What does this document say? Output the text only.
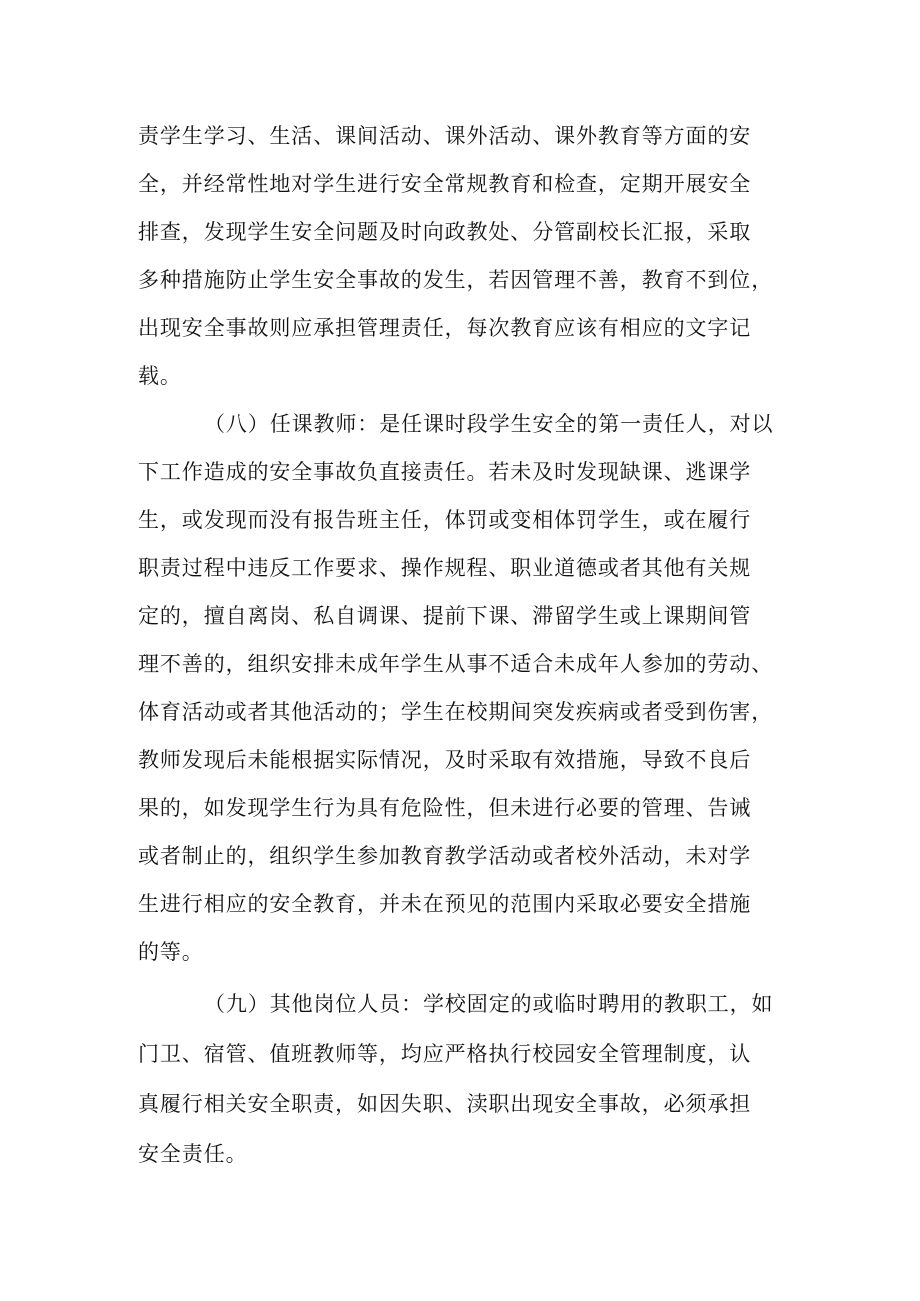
责学生学习、生活、课间活动、课外活动、课外教育等方面的安
全，并经常性地对学生进行安全常规教育和检查，定期开展安全
排查，发现学生安全问题及时向政教处、分管副校长汇报，采取
多种措施防止学生安全事故的发生，若因管理不善，教育不到位，
出现安全事故则应承担管理责任，每次教育应该有相应的文字记
载。
（八）任课教师：是任课时段学生安全的第一责任人，对以
下工作造成的安全事故负直接责任。若未及时发现缺课、逃课学
生，或发现而没有报告班主任，体罚或变相体罚学生，或在履行
职责过程中违反工作要求、操作规程、职业道德或者其他有关规
定的，擅自离岗、私自调课、提前下课、滞留学生或上课期间管
理不善的，组织安排未成年学生从事不适合未成年人参加的劳动、
体育活动或者其他活动的；学生在校期间突发疾病或者受到伤害，
教师发现后未能根据实际情况，及时采取有效措施，导致不良后
果的，如发现学生行为具有危险性，但未进行必要的管理、告诫
或者制止的，组织学生参加教育教学活动或者校外活动，未对学
生进行相应的安全教育，并未在预见的范围内采取必要安全措施
的等。
（九）其他岗位人员：学校固定的或临时聘用的教职工，如
门卫、宿管、值班教师等，均应严格执行校园安全管理制度，认
真履行相关安全职责，如因失职、渎职出现安全事故，必须承担
安全责任。
